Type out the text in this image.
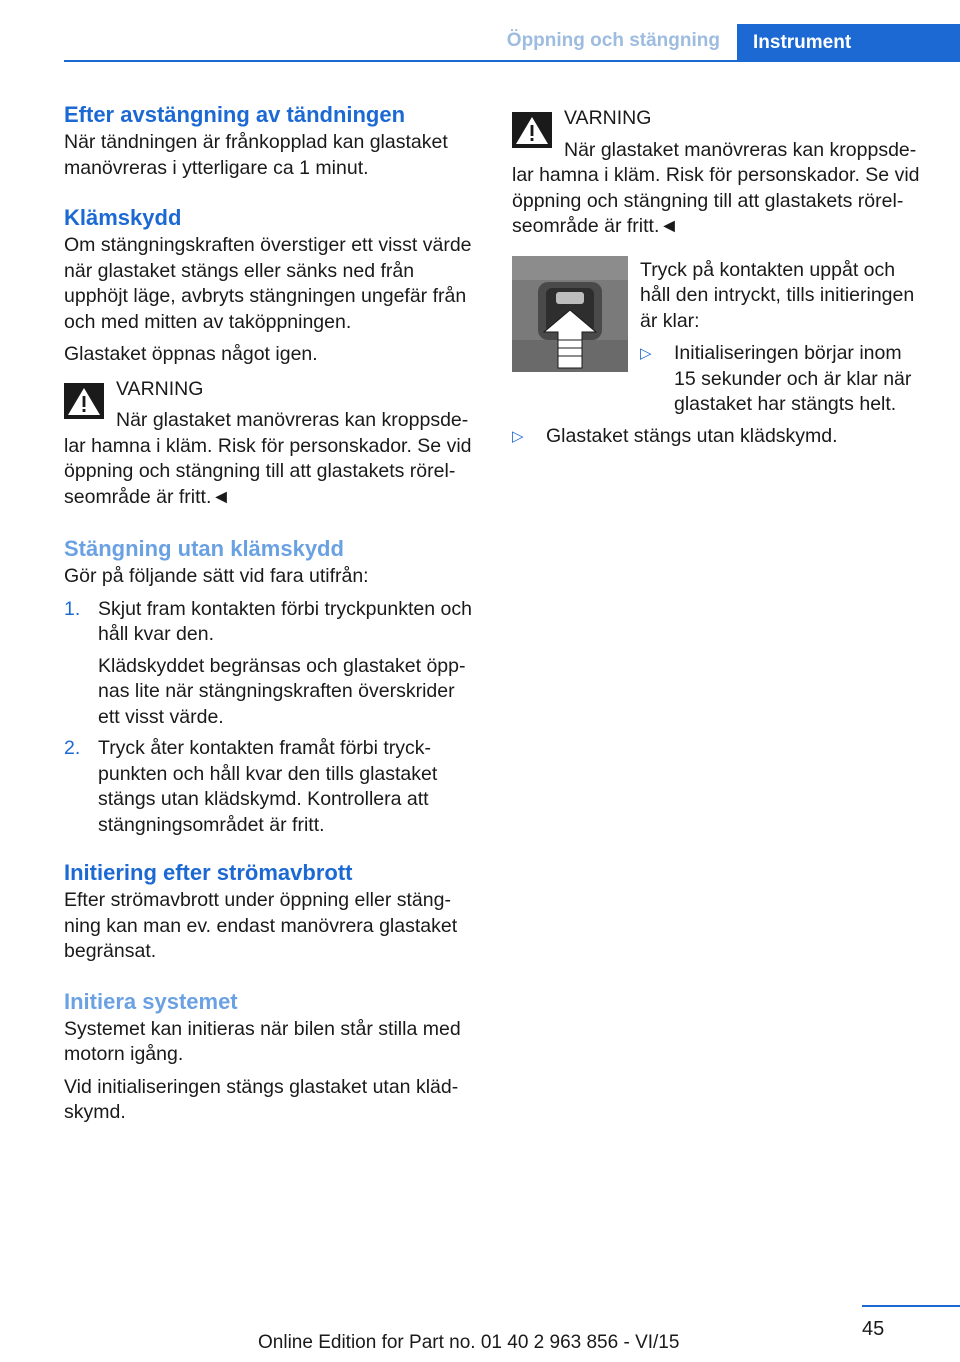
Öppning och stängning	Instrument
Efter avstängning av tändningen

När tändningen är frånkopplad kan glastaket manövreras i ytterligare ca 1 minut.

Klämskydd

Om stängningskraften överstiger ett visst värde när glastaket stängs eller sänks ned från upphöjt läge, avbryts stängningen ungefär från och med mitten av taköppningen.

Glastaket öppnas något igen.

VARNING

När glastaket manövreras kan kroppsdelar hamna i kläm. Risk för personskador. Se vid öppning och stängning till att glastakets rörelseområde är fritt.◄

Stängning utan klämskydd

Gör på följande sätt vid fara utifrån:

1. Skjut fram kontakten förbi tryckpunkten och håll kvar den.
Klädskyddet begränsas och glastaket öppnas lite när stängningskraften överskrider ett visst värde.
2. Tryck åter kontakten framåt förbi tryckpunkten och håll kvar den tills glastaket stängs utan klädskymd. Kontrollera att stängningsområdet är fritt.
Initiering efter strömavbrott

Efter strömavbrott under öppning eller stängning kan man ev. endast manövrera glastaket begränsat.

Initiera systemet

Systemet kan initieras när bilen står stilla med motorn igång.

Vid initialiseringen stängs glastaket utan klädskymd.

VARNING

När glastaket manövreras kan kroppsdelar hamna i kläm. Risk för personskador. Se vid öppning och stängning till att glastakets rörelseområde är fritt.◄

Tryck på kontakten uppåt och håll den intryckt, tills initieringen är klar:

▷ Initialiseringen börjar inom 15 sekunder och är klar när glastaket har stängts helt.
▷ Glastaket stängs utan klädskymd.
45
Online Edition for Part no. 01 40 2 963 856 - VI/15
